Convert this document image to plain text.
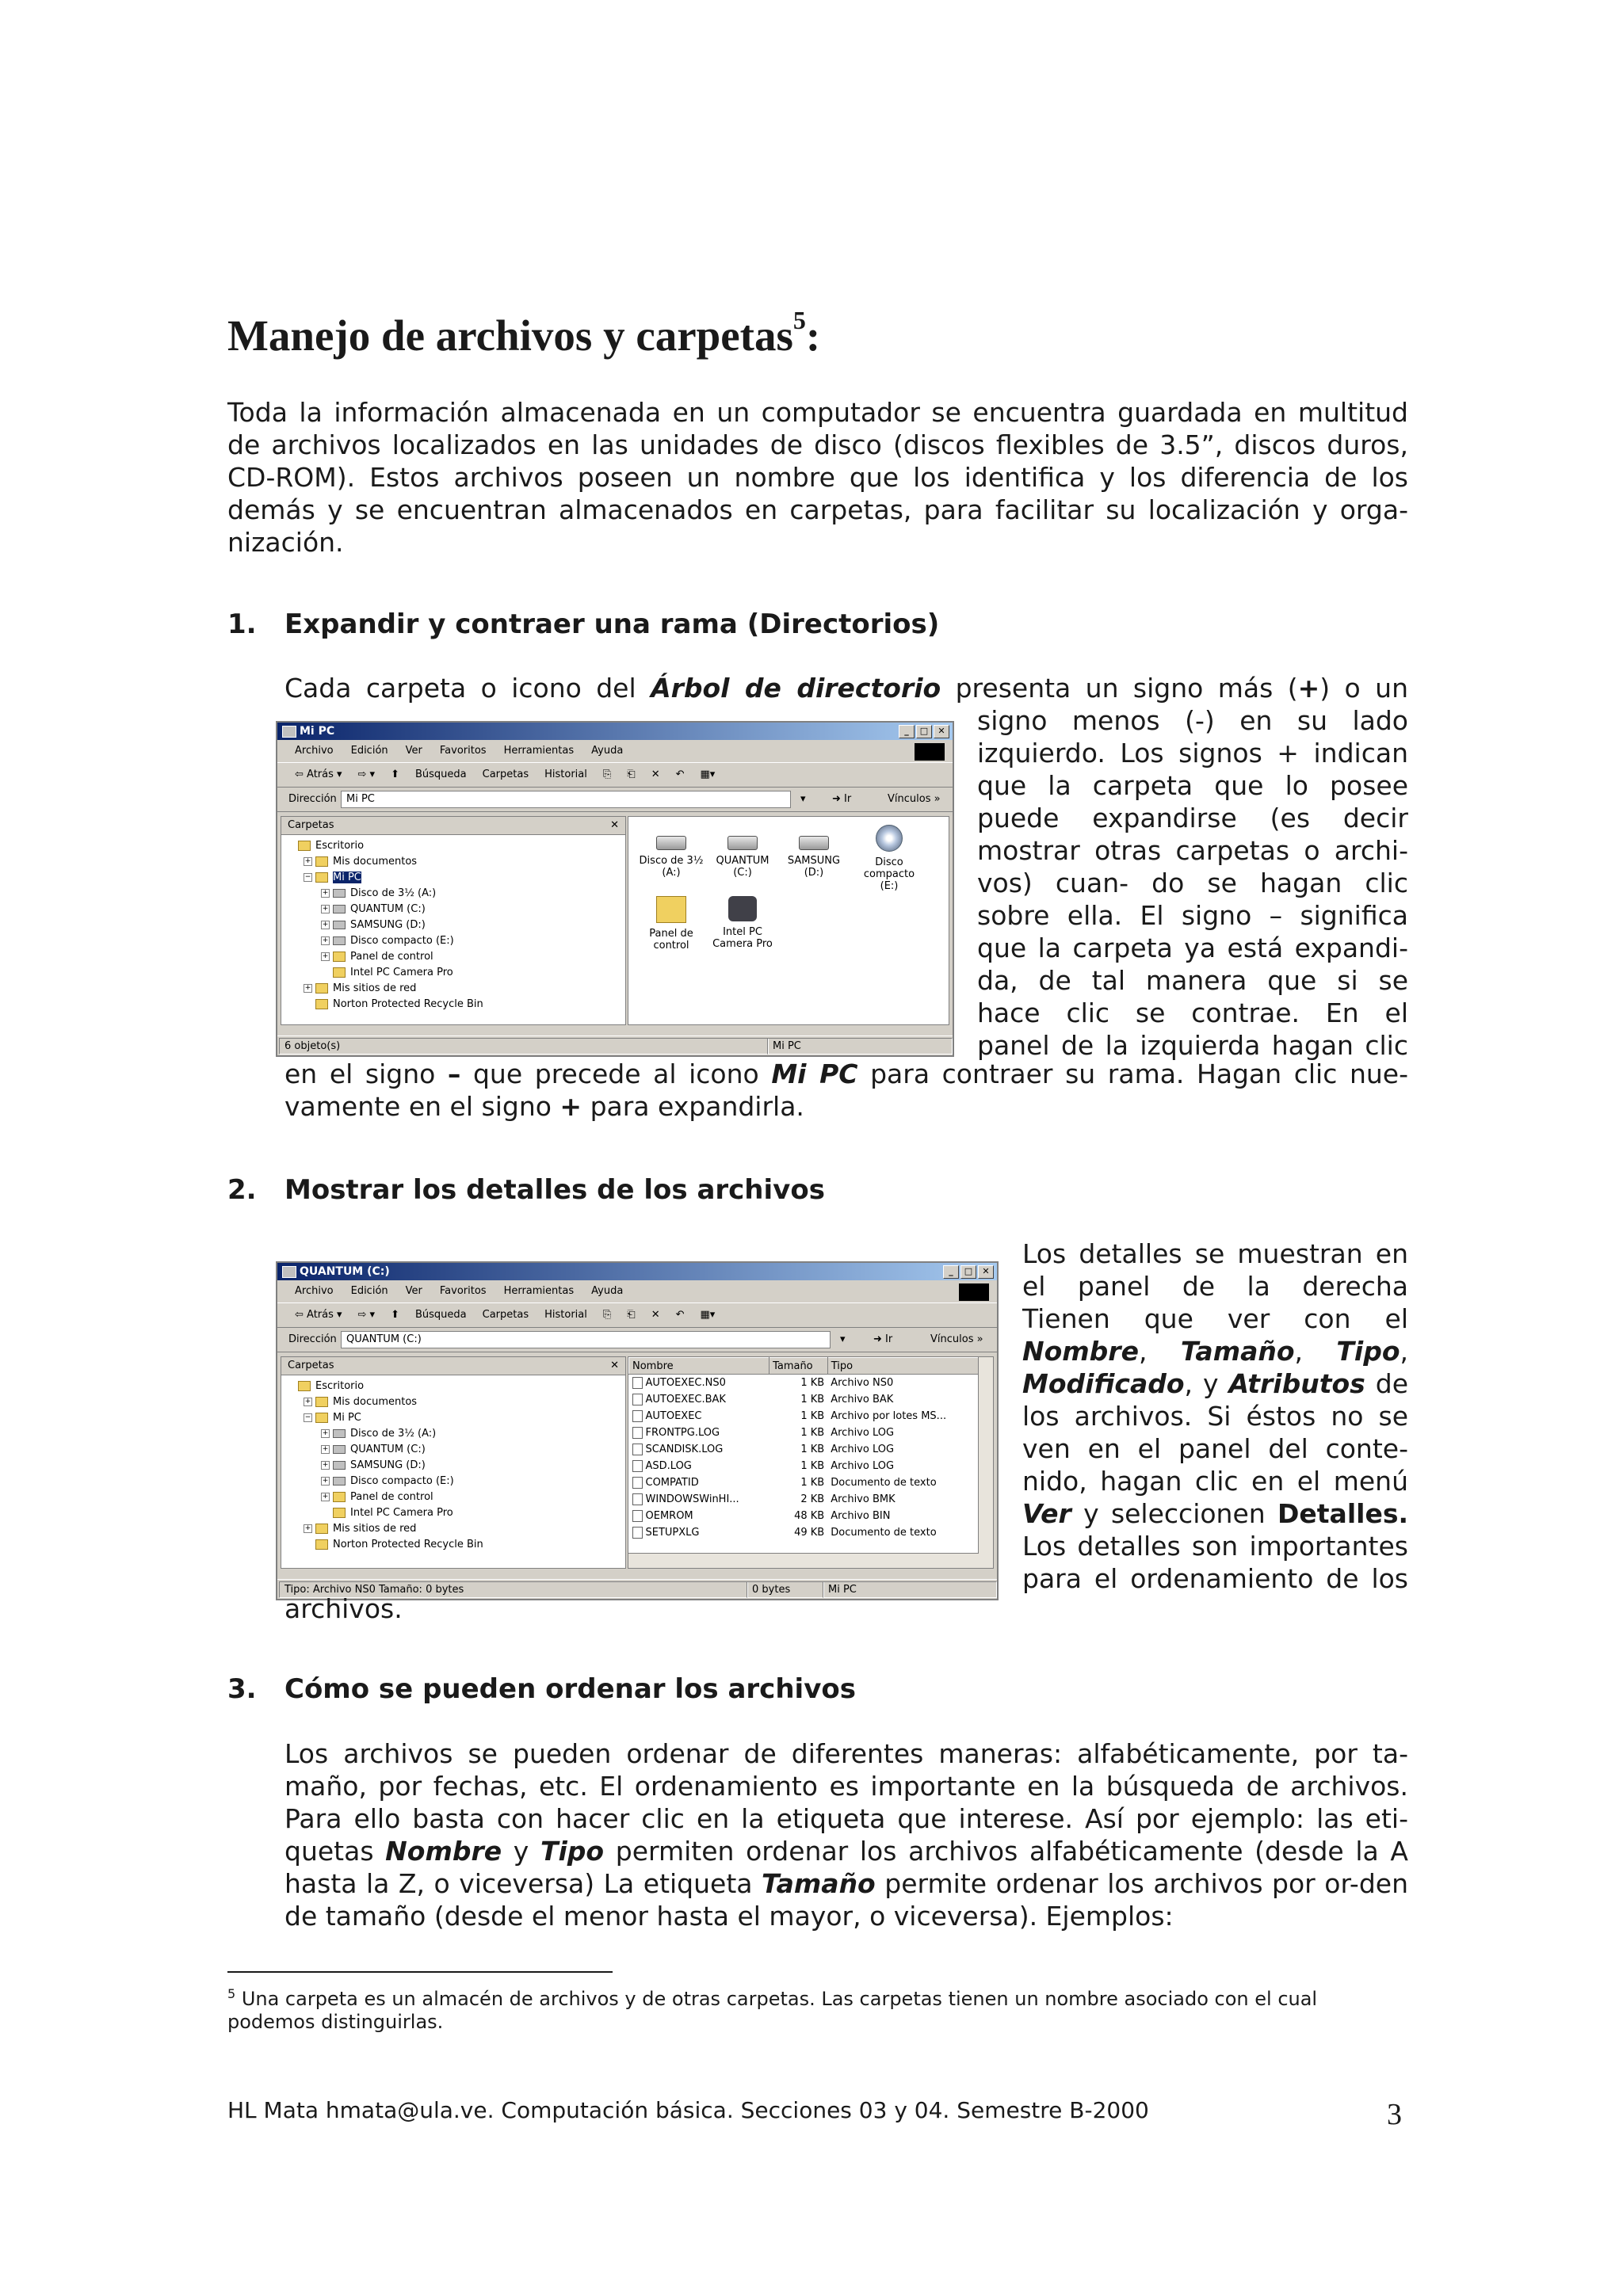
Manejo de archivos y carpetas$^5$:
Toda la información almacenada en un computador se encuentra guardada en multitud de archivos localizados en las unidades de disco (discos flexibles de 3.5”, discos duros, CD-ROM). Estos archivos poseen un nombre que los identifica y los diferencia de los demás y se encuentran almacenados en carpetas, para facilitar su localización y orga-nización.
1. Expandir y contraer una rama (Directorios)
Cada carpeta o icono del Árbol de directorio presenta un signo más (+) o un
signo menos (-) en su lado
izquierdo. Los signos + indican
que la carpeta que lo posee
puede expandirse (es decir
mostrar otras carpetas o archi-
vos) cuan- do se hagan clic
sobre ella. El signo – significa
que la carpeta ya está expandi-
da, de tal manera que si se
hace clic se contrae. En el
panel de la izquierda hagan clic
Mi PC	_	□	✕
Archivo Edición Ver Favoritos Herramientas Ayuda
⇦ Atrás ▾ ⇨ ▾ ⬆ Búsqueda Carpetas Historial ⎘ ⎗ ✕ ↶ ▦▾
Dirección Mi PC	▾	➜ Ir	Vínculos »
Carpetas	✕
Escritorio
+ Mis documentos
− Mi PC
+ Disco de 3½ (A:)
+ QUANTUM (C:)
+ SAMSUNG (D:)
+ Disco compacto (E:)
+ Panel de control
Intel PC Camera Pro
+ Mis sitios de red
Norton Protected Recycle Bin
Disco de 3½ (A:)
QUANTUM (C:)
SAMSUNG (D:)
Disco compacto (E:)
Panel de control
Intel PC Camera Pro
6 objeto(s)	Mi PC
en el signo – que precede al icono Mi PC para contraer su rama. Hagan clic nue-
vamente en el signo + para expandirla.
2. Mostrar los detalles de los archivos
Los detalles se muestran en
el panel de la derecha
Tienen que ver con el
Nombre, Tamaño, Tipo,
Modificado, y Atributos de
los archivos. Si éstos no se
ven en el panel del conte-
nido, hagan clic en el menú
Ver y seleccionen Detalles.
Los detalles son importantes
para el ordenamiento de los
QUANTUM (C:)	_	□	✕
Archivo Edición Ver Favoritos Herramientas Ayuda
⇦ Atrás ▾ ⇨ ▾ ⬆ Búsqueda Carpetas Historial ⎘ ⎗ ✕ ↶ ▦▾
Dirección QUANTUM (C:)	▾	➜ Ir	Vínculos »
Carpetas	✕
Escritorio
+ Mis documentos
− Mi PC
+ Disco de 3½ (A:)
+ QUANTUM (C:)
+ SAMSUNG (D:)
+ Disco compacto (E:)
+ Panel de control
Intel PC Camera Pro
+ Mis sitios de red
Norton Protected Recycle Bin
Nombre	Tamaño	Tipo
AUTOEXEC.NS0	1 KB	Archivo NS0
AUTOEXEC.BAK	1 KB	Archivo BAK
AUTOEXEC	1 KB	Archivo por lotes MS...
FRONTPG.LOG	1 KB	Archivo LOG
SCANDISK.LOG	1 KB	Archivo LOG
ASD.LOG	1 KB	Archivo LOG
COMPATID	1 KB	Documento de texto
WINDOWSWinHI...	2 KB	Archivo BMK
OEMROM	48 KB	Archivo BIN
SETUPXLG	49 KB	Documento de texto
Tipo: Archivo NS0 Tamaño: 0 bytes	0 bytes	Mi PC
archivos.
3. Cómo se pueden ordenar los archivos
Los archivos se pueden ordenar de diferentes maneras: alfabéticamente, por ta-maño, por fechas, etc. El ordenamiento es importante en la búsqueda de archivos. Para ello basta con hacer clic en la etiqueta que interese. Así por ejemplo: las eti-quetas Nombre y Tipo permiten ordenar los archivos alfabéticamente (desde la A hasta la Z, o viceversa) La etiqueta Tamaño permite ordenar los archivos por or-den de tamaño (desde el menor hasta el mayor, o viceversa). Ejemplos:
$^5$ Una carpeta es un almacén de archivos y de otras carpetas. Las carpetas tienen un nombre asociado con el cual podemos distinguirlas.
HL Mata hmata@ula.ve. Computación básica. Secciones 03 y 04. Semestre B-2000	3
